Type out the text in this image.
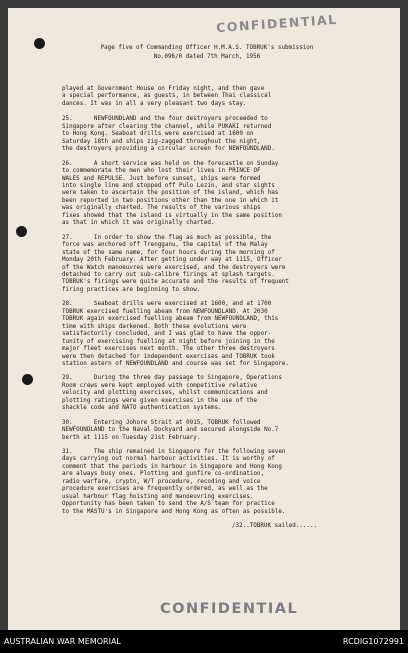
CONFIDENTIAL
Page five of Commanding Officer H.M.A.S. TOBRUK's submission
No.096/0 dated 7th March, 1956

played at Government House on Friday night, and then gave
a special performance, as guests, in between Thai classical
dances. It was in all a very pleasant two days stay.

25.      NEWFOUNDLAND and the four destroyers proceeded to
Singapore after clearing the channel, while PUKAKI returned
to Hong Kong. Seaboat drills were exercised at 1600 on
Saturday 18th and ships zig-zagged throughout the night,
the destroyers providing a circular screen for NEWFOUNDLAND.

26.      A short service was held on the forecastle on Sunday
to commemorate the men who lost their lives in PRINCE OF
WALES and REPULSE. Just before sunset, ships were formed
into single line and stopped off Pulo Lezin, and star sights
were taken to ascertain the position of the island, which has
been reported in two positions other than the one in which it
was originally charted. The results of the various ships
fixes showed that the island is virtually in the same position
as that in which it was originally charted.

27.      In order to show the flag as much as possible, the
force was anchored off Trengganu, the capital of the Malay
state of the same name, for four hours during the morning of
Monday 20th February. After getting under way at 1115, Officer
of the Watch manoeuvres were exercised, and the destroyers were
detached to carry out sub-calibre firings at splash targets.
TOBRUK's firings were quite accurate and the results of frequent
firing practices are beginning to show.

28.      Seaboat drills were exercised at 1600, and at 1700
TOBRUK exercised fuelling abeam from NEWFOUNDLAND. At 2030
TOBRUK again exercised fuelling abeam from NEWFOUNDLAND, this
time with ships darkened. Both these evolutions were
satisfactorily concluded, and I was glad to have the oppor-
tunity of exercising fuelling at night before joining in the
major fleet exercises next month. The other three destroyers
were then detached for independent exercises and TOBRUK took
station astern of NEWFOUNDLAND and course was set for Singapore.

29.      During the three day passage to Singapore, Operations
Room crews were kept employed with competitive relative
velocity and plotting exercises, whilst communications and
plotting ratings were given exercises in the use of the
shackle code and NATO authentication systems.

30.      Entering Johore Strait at 0915, TOBRUK followed
NEWFOUNDLAND to the Naval Dockyard and secured alongside No.7
berth at 1115 on Tuesday 21st February.

31.      The ship remained in Singapore for the following seven
days carrying out normal harbour activities. It is worthy of
comment that the periods in harbour in Singapore and Hong Kong
are always busy ones. Plotting and gunfire co-ordination,
radio warfare, crypto, W/T procedure, recoding and voice
procedure exercises are frequently ordered, as well as the
usual harbour flag hoisting and manoeuvring exercises.
Opportunity has been taken to send the A/S team for practice
to the MASTU's in Singapore and Hong Kong as often as possible.

/32..TOBRUK sailed......
CONFIDENTIAL
AUSTRALIAN WAR MEMORIAL	RCDIG1072991
